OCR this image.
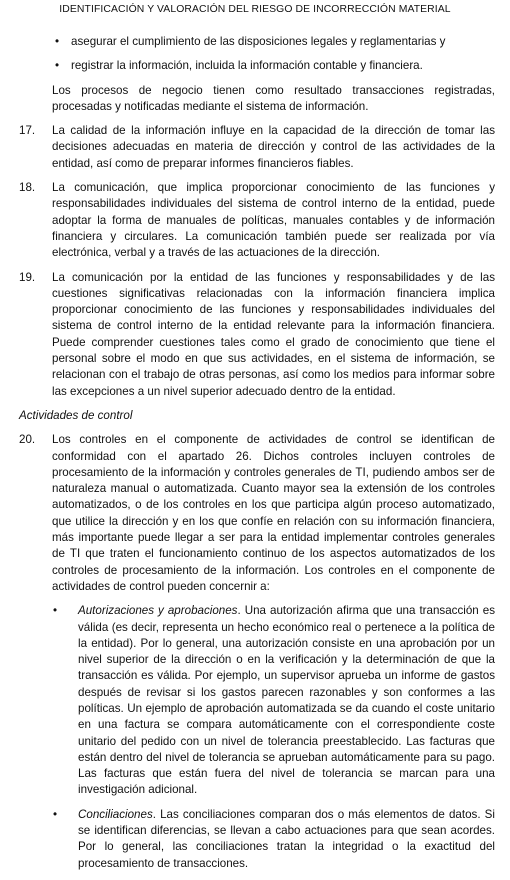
IDENTIFICACIÓN Y VALORACIÓN DEL RIESGO DE INCORRECCIÓN MATERIAL
• asegurar el cumplimiento de las disposiciones legales y reglamentarias y
• registrar la información, incluida la información contable y financiera.
Los procesos de negocio tienen como resultado transacciones registradas, procesadas y notificadas mediante el sistema de información.
17. La calidad de la información influye en la capacidad de la dirección de tomar las decisiones adecuadas en materia de dirección y control de las actividades de la entidad, así como de preparar informes financieros fiables.
18. La comunicación, que implica proporcionar conocimiento de las funciones y responsabilidades individuales del sistema de control interno de la entidad, puede adoptar la forma de manuales de políticas, manuales contables y de información financiera y circulares. La comunicación también puede ser realizada por vía electrónica, verbal y a través de las actuaciones de la dirección.
19. La comunicación por la entidad de las funciones y responsabilidades y de las cuestiones significativas relacionadas con la información financiera implica proporcionar conocimiento de las funciones y responsabilidades individuales del sistema de control interno de la entidad relevante para la información financiera. Puede comprender cuestiones tales como el grado de conocimiento que tiene el personal sobre el modo en que sus actividades, en el sistema de información, se relacionan con el trabajo de otras personas, así como los medios para informar sobre las excepciones a un nivel superior adecuado dentro de la entidad.
Actividades de control
20. Los controles en el componente de actividades de control se identifican de conformidad con el apartado 26. Dichos controles incluyen controles de procesamiento de la información y controles generales de TI, pudiendo ambos ser de naturaleza manual o automatizada. Cuanto mayor sea la extensión de los controles automatizados, o de los controles en los que participa algún proceso automatizado, que utilice la dirección y en los que confíe en relación con su información financiera, más importante puede llegar a ser para la entidad implementar controles generales de TI que traten el funcionamiento continuo de los aspectos automatizados de los controles de procesamiento de la información. Los controles en el componente de actividades de control pueden concernir a:
• Autorizaciones y aprobaciones. Una autorización afirma que una transacción es válida (es decir, representa un hecho económico real o pertenece a la política de la entidad). Por lo general, una autorización consiste en una aprobación por un nivel superior de la dirección o en la verificación y la determinación de que la transacción es válida. Por ejemplo, un supervisor aprueba un informe de gastos después de revisar si los gastos parecen razonables y son conformes a las políticas. Un ejemplo de aprobación automatizada se da cuando el coste unitario en una factura se compara automáticamente con el correspondiente coste unitario del pedido con un nivel de tolerancia preestablecido. Las facturas que están dentro del nivel de tolerancia se aprueban automáticamente para su pago. Las facturas que están fuera del nivel de tolerancia se marcan para una investigación adicional.
• Conciliaciones. Las conciliaciones comparan dos o más elementos de datos. Si se identifican diferencias, se llevan a cabo actuaciones para que sean acordes. Por lo general, las conciliaciones tratan la integridad o la exactitud del procesamiento de transacciones.
